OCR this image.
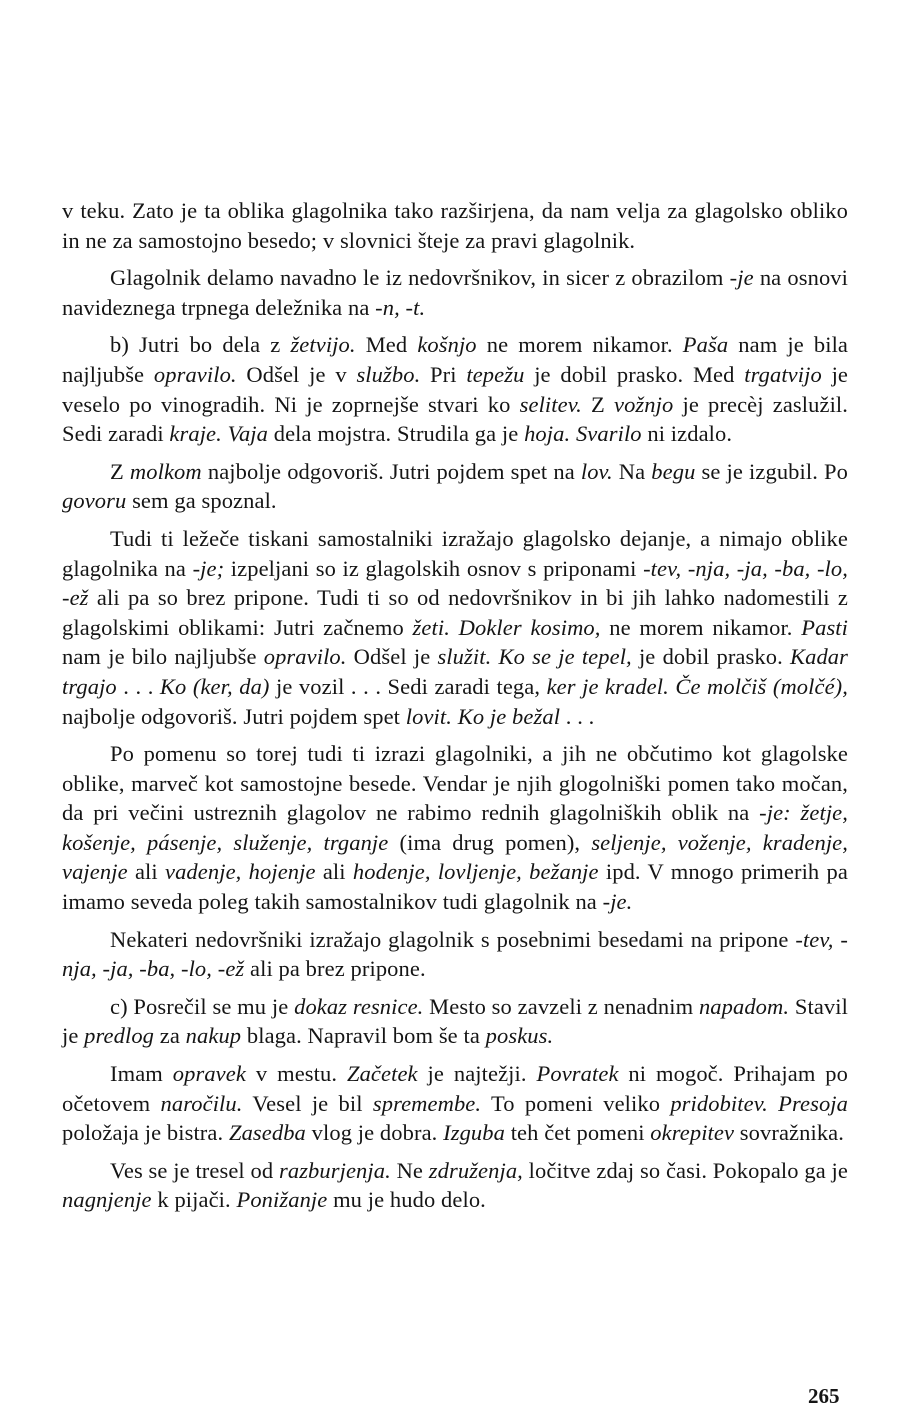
v teku. Zato je ta oblika glagolnika tako razširjena, da nam velja za glagolsko obliko in ne za samostojno besedo; v slovnici šteje za pravi glagolnik.

Glagolnik delamo navadno le iz nedovršnikov, in sicer z obrazilom -je na osnovi navideznega trpnega deležnika na -n, -t.

b) Jutri bo dela z žetvijo. Med košnjo ne morem nikamor. Paša nam je bila najljubše opravilo. Odšel je v službo. Pri tepežu je dobil prasko. Med trgatvijo je veselo po vinogradih. Ni je zoprnejše stvari ko selitev. Z vožnjo je precèj zaslužil. Sedi zaradi kraje. Vaja dela mojstra. Strudila ga je hoja. Svarilo ni izdalo.

Z molkom najbolje odgovoriš. Jutri pojdem spet na lov. Na begu se je izgubil. Po govoru sem ga spoznal.

Tudi ti ležeče tiskani samostalniki izražajo glagolsko dejanje, a nimajo oblike glagolnika na -je; izpeljani so iz glagolskih osnov s priponami -tev, -nja, -ja, -ba, -lo, -ež ali pa so brez pripone. Tudi ti so od nedovršnikov in bi jih lahko nadomestili z glagolskimi oblikami: Jutri začnemo žeti. Dokler kosimo, ne morem nikamor. Pasti nam je bilo najljubše opravilo. Odšel je služit. Ko se je tepel, je dobil prasko. Kadar trgajo . . . Ko (ker, da) je vozil . . . Sedi zaradi tega, ker je kradel. Če molčiš (molčé), najbolje odgovoriš. Jutri pojdem spet lovit. Ko je bežal . . .

Po pomenu so torej tudi ti izrazi glagolniki, a jih ne občutimo kot glagolske oblike, marveč kot samostojne besede. Vendar je njih glogolniški pomen tako močan, da pri večini ustreznih glagolov ne rabimo rednih glagolniških oblik na -je: žetje, košenje, pásenje, služenje, trganje (ima drug pomen), seljenje, voženje, kradenje, vajenje ali vadenje, hojenje ali hodenje, lovljenje, bežanje ipd. V mnogo primerih pa imamo seveda poleg takih samostalnikov tudi glagolnik na -je.

Nekateri nedovršniki izražajo glagolnik s posebnimi besedami na pripone -tev, -nja, -ja, -ba, -lo, -ež ali pa brez pripone.

c) Posrečil se mu je dokaz resnice. Mesto so zavzeli z nenadnim napadom. Stavil je predlog za nakup blaga. Napravil bom še ta poskus.

Imam opravek v mestu. Začetek je najtežji. Povratek ni mogoč. Prihajam po očetovem naročilu. Vesel je bil spremembe. To pomeni veliko pridobitev. Presoja položaja je bistra. Zasedba vlog je dobra. Izguba teh čet pomeni okrepitev sovražnika.

Ves se je tresel od razburjenja. Ne združenja, ločitve zdaj so časi. Pokopalo ga je nagnjenje k pijači. Ponižanje mu je hudo delo.

265
